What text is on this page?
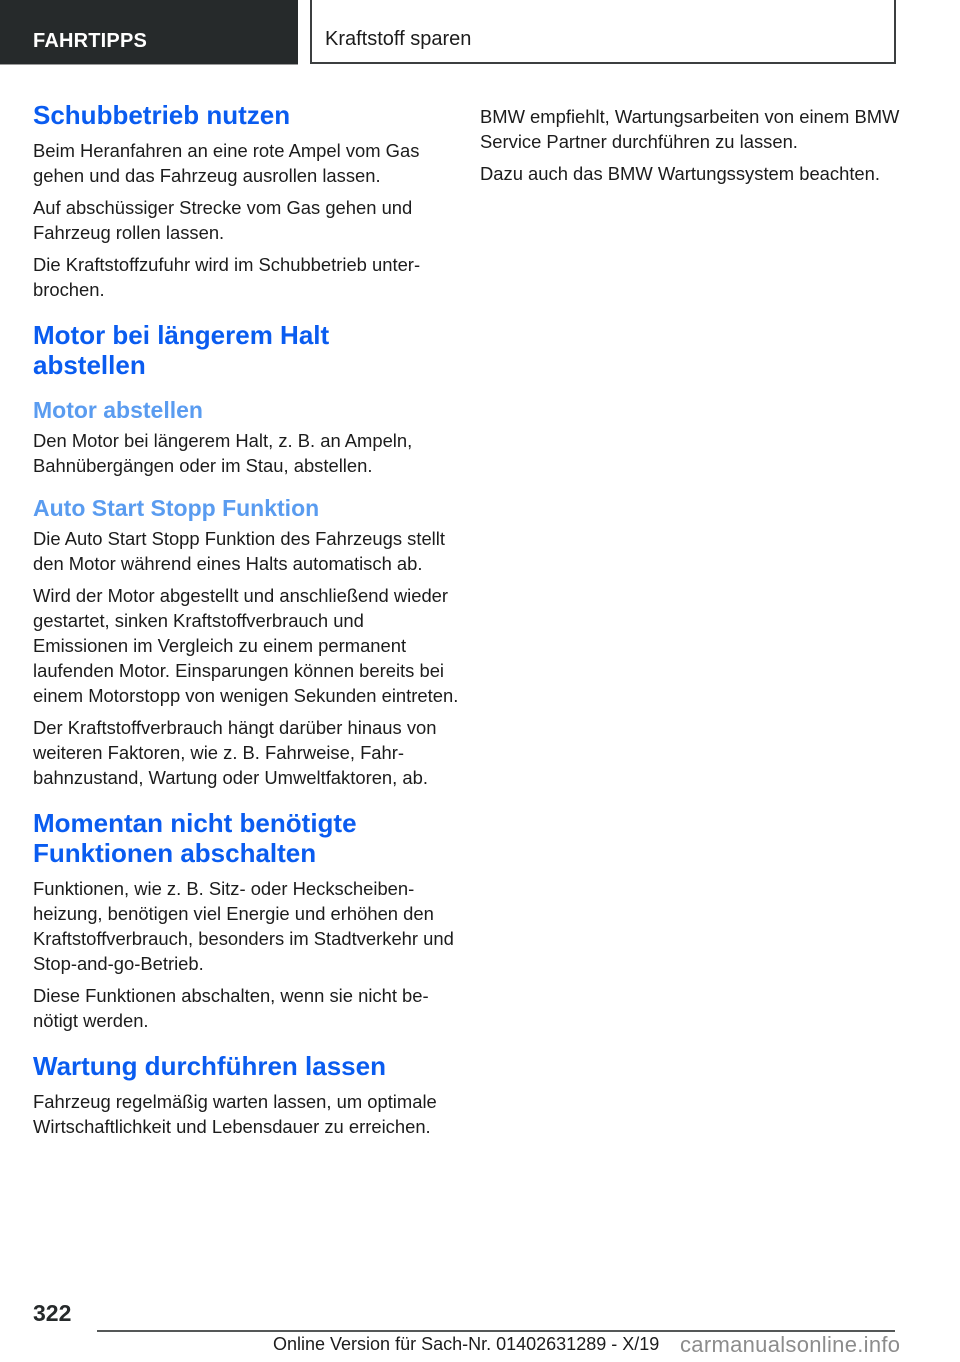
FAHRTIPPS	Kraftstoff sparen
Schubbetrieb nutzen

Beim Heranfahren an eine rote Ampel vom Gas gehen und das Fahrzeug ausrollen lassen.

Auf abschüssiger Strecke vom Gas gehen und Fahrzeug rollen lassen.

Die Kraftstoffzufuhr wird im Schubbetrieb unterbrochen.

Motor bei längerem Halt abstellen
Motor abstellen

Den Motor bei längerem Halt, z. B. an Ampeln, Bahnübergängen oder im Stau, abstellen.

Auto Start Stopp Funktion

Die Auto Start Stopp Funktion des Fahrzeugs stellt den Motor während eines Halts automatisch ab.

Wird der Motor abgestellt und anschließend wieder gestartet, sinken Kraftstoffverbrauch und Emissionen im Vergleich zu einem permanent laufenden Motor. Einsparungen können bereits bei einem Motorstopp von wenigen Sekunden eintreten.

Der Kraftstoffverbrauch hängt darüber hinaus von weiteren Faktoren, wie z. B. Fahrweise, Fahrbahnzustand, Wartung oder Umweltfaktoren, ab.

Momentan nicht benötigte Funktionen abschalten

Funktionen, wie z. B. Sitz- oder Heckscheibenheizung, benötigen viel Energie und erhöhen den Kraftstoffverbrauch, besonders im Stadtverkehr und Stop-and-go-Betrieb.

Diese Funktionen abschalten, wenn sie nicht benötigt werden.

Wartung durchführen lassen

Fahrzeug regelmäßig warten lassen, um optimale Wirtschaftlichkeit und Lebensdauer zu erreichen.

BMW empfiehlt, Wartungsarbeiten von einem BMW Service Partner durchführen zu lassen.

Dazu auch das BMW Wartungssystem beachten.

322
Online Version für Sach-Nr. 01402631289 - X/19 carmanualsonline.info
